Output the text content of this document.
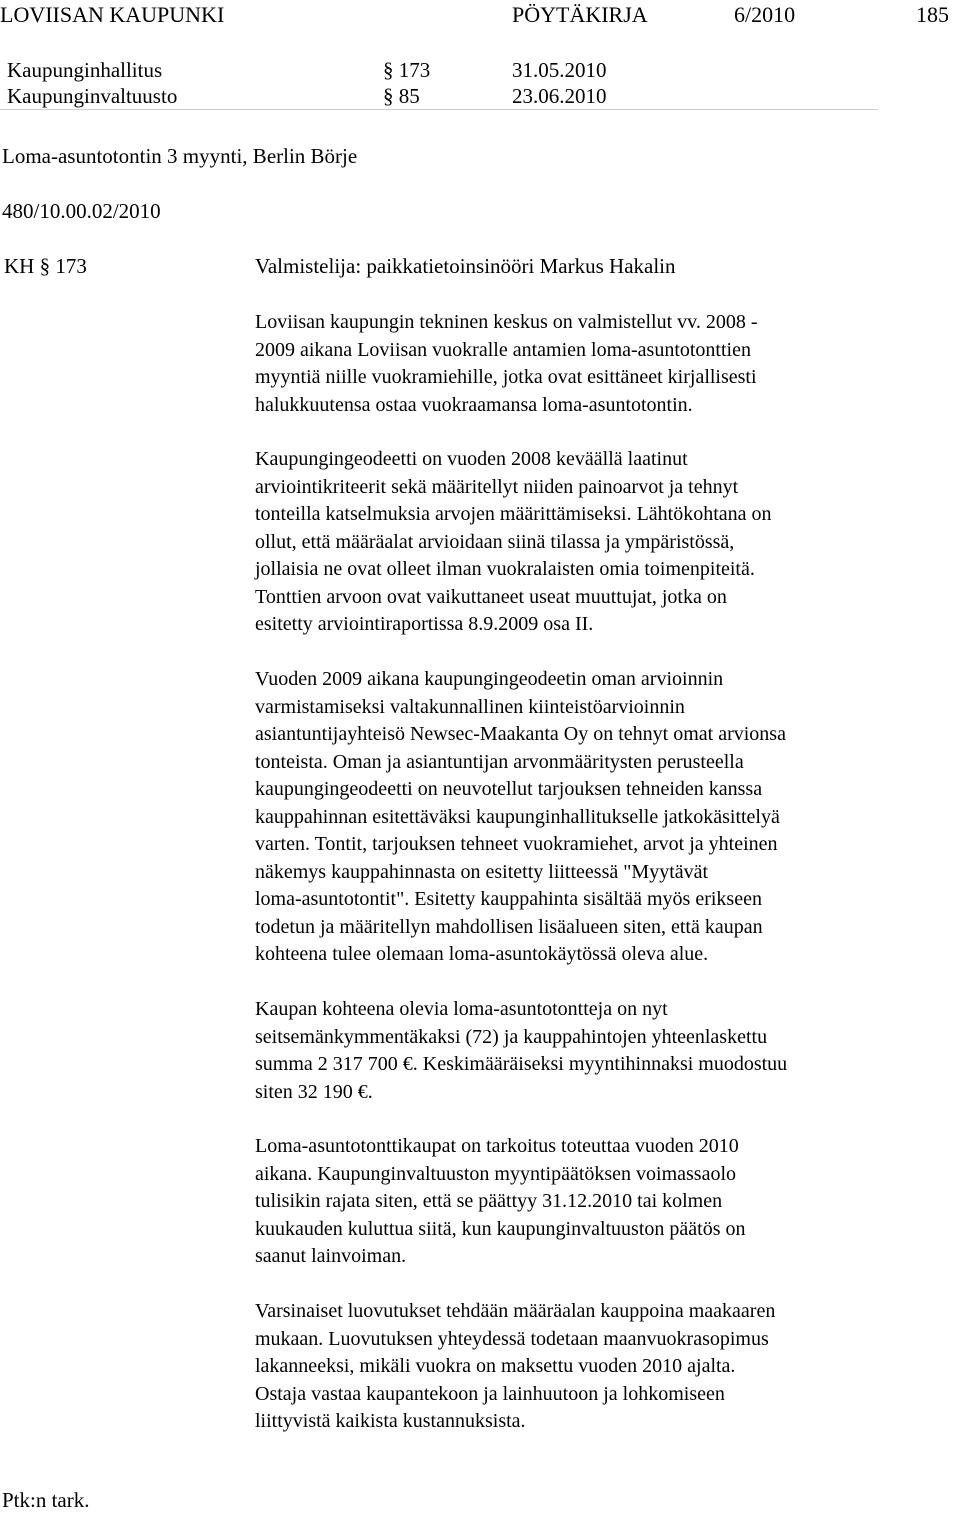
LOVIISAN KAUPUNKI	PÖYTÄKIRJA	6/2010	185
Kaupunginhallitus	§ 173	31.05.2010
Kaupunginvaltuusto	§ 85	23.06.2010
Loma-asuntotontin 3 myynti, Berlin Börje
480/10.00.02/2010
KH § 173	Valmistelija: paikkatietoinsinööri Markus Hakalin
Loviisan kaupungin tekninen keskus on valmistellut vv. 2008 -
2009 aikana Loviisan vuokralle antamien loma-asuntotonttien
myyntiä niille vuokramiehille, jotka ovat esittäneet kirjallisesti
halukkuutensa ostaa vuokraamansa loma-asuntotontin.
Kaupungingeodeetti on vuoden 2008 keväällä laatinut
arviointikriteerit sekä määritellyt niiden painoarvot ja tehnyt
tonteilla katselmuksia arvojen määrittämiseksi. Lähtökohtana on
ollut, että määräalat arvioidaan siinä tilassa ja ympäristössä,
jollaisia ne ovat olleet ilman vuokralaisten omia toimenpiteitä.
Tonttien arvoon ovat vaikuttaneet useat muuttujat, jotka on
esitetty arviointiraportissa 8.9.2009 osa II.
Vuoden 2009 aikana kaupungingeodeetin oman arvioinnin
varmistamiseksi valtakunnallinen kiinteistöarvioinnin
asiantuntijayhteisö Newsec-Maakanta Oy on tehnyt omat arvionsa
tonteista. Oman ja asiantuntijan arvonmääritysten perusteella
kaupungingeodeetti on neuvotellut tarjouksen tehneiden kanssa
kauppahinnan esitettäväksi kaupunginhallitukselle jatkokäsittelyä
varten. Tontit, tarjouksen tehneet vuokramiehet, arvot ja yhteinen
näkemys kauppahinnasta on esitetty liitteessä "Myytävät
loma-asuntotontit". Esitetty kauppahinta sisältää myös erikseen
todetun ja määritellyn mahdollisen lisäalueen siten, että kaupan
kohteena tulee olemaan loma-asuntokäytössä oleva alue.
Kaupan kohteena olevia loma-asuntotontteja on nyt
seitsemänkymmentäkaksi (72) ja kauppahintojen yhteenlaskettu
summa 2 317 700 €. Keskimääräiseksi myyntihinnaksi muodostuu
siten 32 190 €.
Loma-asuntotonttikaupat on tarkoitus toteuttaa vuoden 2010
aikana. Kaupunginvaltuuston myyntipäätöksen voimassaolo
tulisikin rajata siten, että se päättyy 31.12.2010 tai kolmen
kuukauden kuluttua siitä, kun kaupunginvaltuuston päätös on
saanut lainvoiman.
Varsinaiset luovutukset tehdään määräalan kauppoina maakaaren
mukaan. Luovutuksen yhteydessä todetaan maanvuokrasopimus
lakanneeksi, mikäli vuokra on maksettu vuoden 2010 ajalta.
Ostaja vastaa kaupantekoon ja lainhuutoon ja lohkomiseen
liittyvistä kaikista kustannuksista.
Ptk:n tark.
